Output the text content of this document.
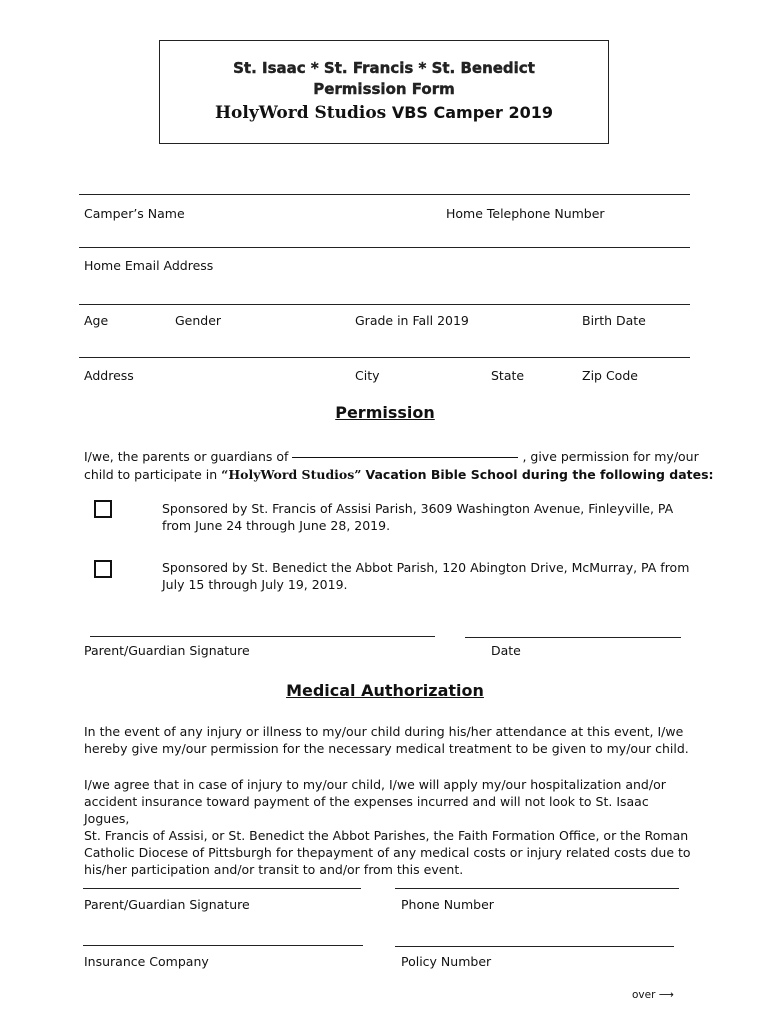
St. Isaac * St. Francis * St. Benedict
Permission Form
HolyWord Studios VBS Camper 2019
Camper’s Name	Home Telephone Number
Home Email Address
Age	Gender	Grade in Fall 2019	Birth Date
Address	City	State	Zip Code
Permission
I/we, the parents or guardians of	, give permission for my/our
child to participate in “HolyWord Studios” Vacation Bible School during the following dates:
Sponsored by St. Francis of Assisi Parish, 3609 Washington Avenue, Finleyville, PA
from June 24 through June 28, 2019.
Sponsored by St. Benedict the Abbot Parish, 120 Abington Drive, McMurray, PA from
July 15 through July 19, 2019.
Parent/Guardian Signature	Date
Medical Authorization
In the event of any injury or illness to my/our child during his/her attendance at this event, I/we
hereby give my/our permission for the necessary medical treatment to be given to my/our child.
I/we agree that in case of injury to my/our child, I/we will apply my/our hospitalization and/or
accident insurance toward payment of the expenses incurred and will not look to St. Isaac Jogues,
St. Francis of Assisi, or St. Benedict the Abbot Parishes, the Faith Formation Office, or the Roman
Catholic Diocese of Pittsburgh for thepayment of any medical costs or injury related costs due to
his/her participation and/or transit to and/or from this event.
Parent/Guardian Signature	Phone Number
Insurance Company	Policy Number
over ⟶
